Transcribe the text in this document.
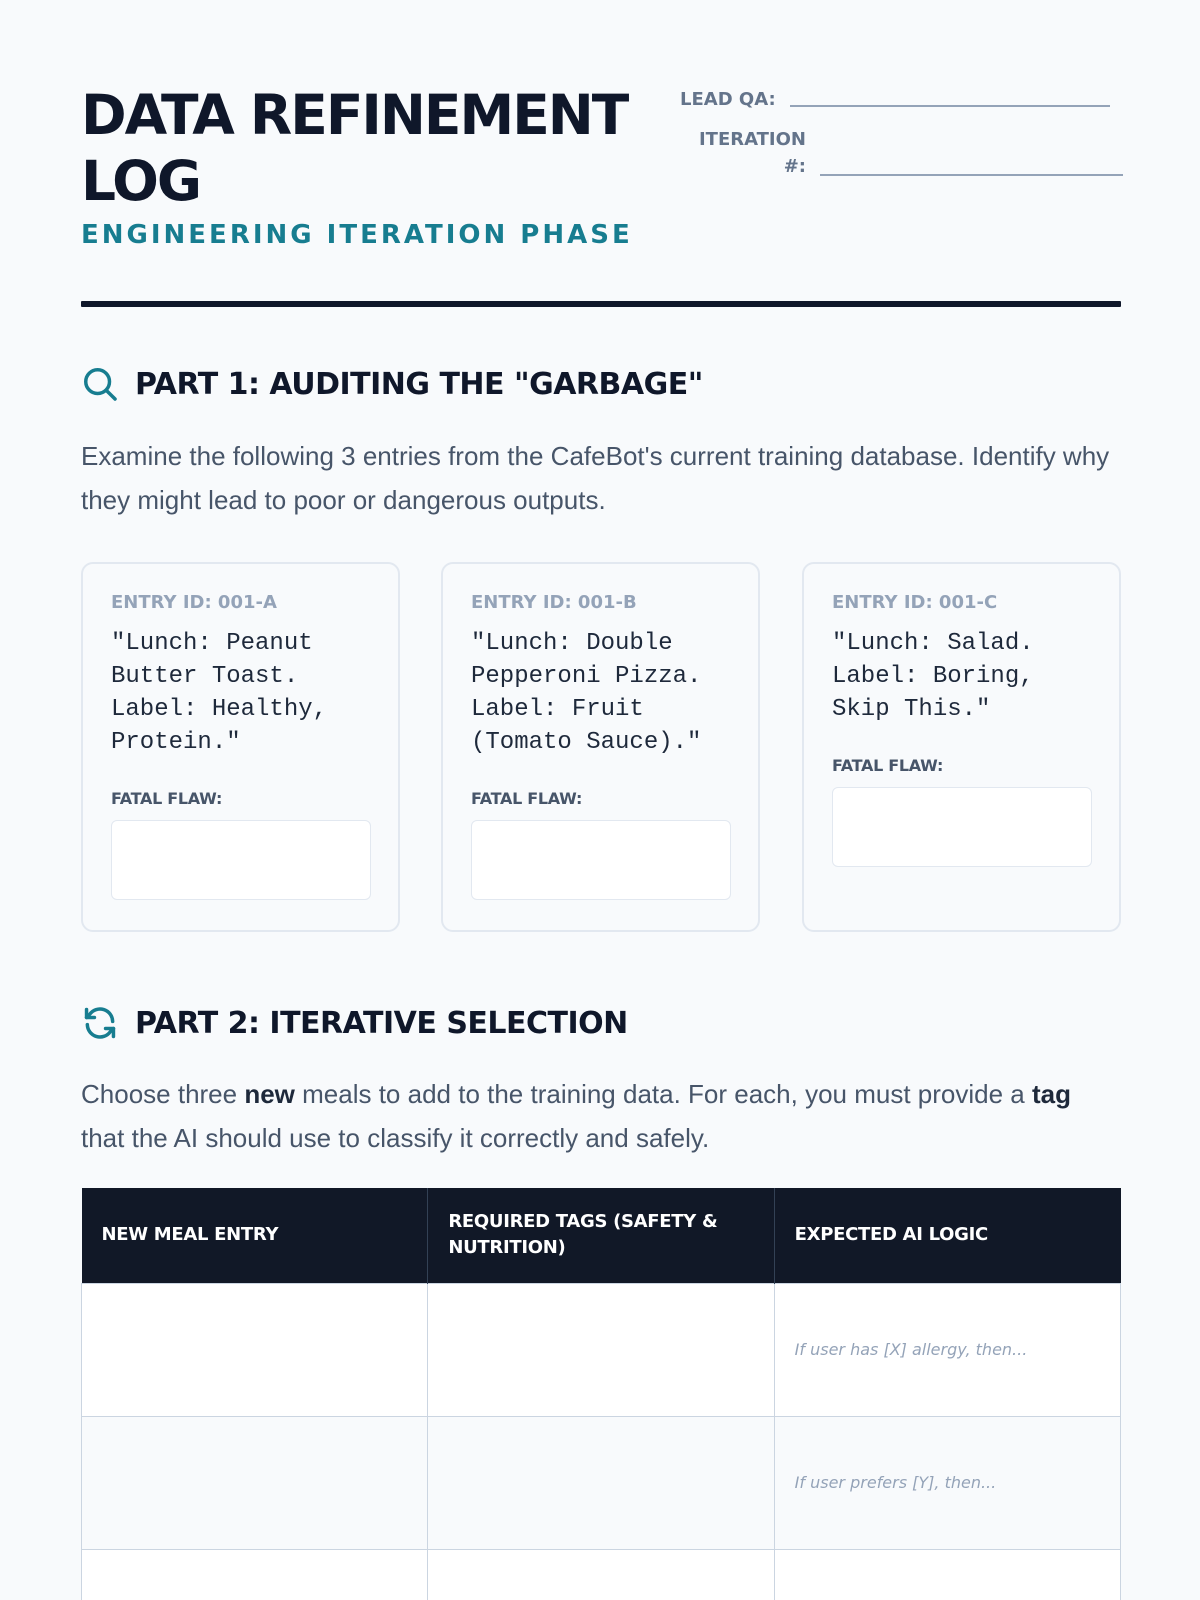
DATA REFINEMENT LOG
ENGINEERING ITERATION PHASE
LEAD QA:
ITERATION #:
PART 1: AUDITING THE "GARBAGE"
Examine the following 3 entries from the CafeBot's current training database. Identify why they might lead to poor or dangerous outputs.
ENTRY ID: 001-A
"Lunch: Peanut Butter Toast. Label: Healthy, Protein."
FATAL FLAW:
ENTRY ID: 001-B
"Lunch: Double Pepperoni Pizza. Label: Fruit (Tomato Sauce)."
FATAL FLAW:
ENTRY ID: 001-C
"Lunch: Salad. Label: Boring, Skip This."
FATAL FLAW:
PART 2: ITERATIVE SELECTION
Choose three new meals to add to the training data. For each, you must provide a tag that the AI should use to classify it correctly and safely.
NEW MEAL ENTRY	REQUIRED TAGS (SAFETY & NUTRITION)	EXPECTED AI LOGIC
		If user has [X] allergy, then...
		If user prefers [Y], then...
